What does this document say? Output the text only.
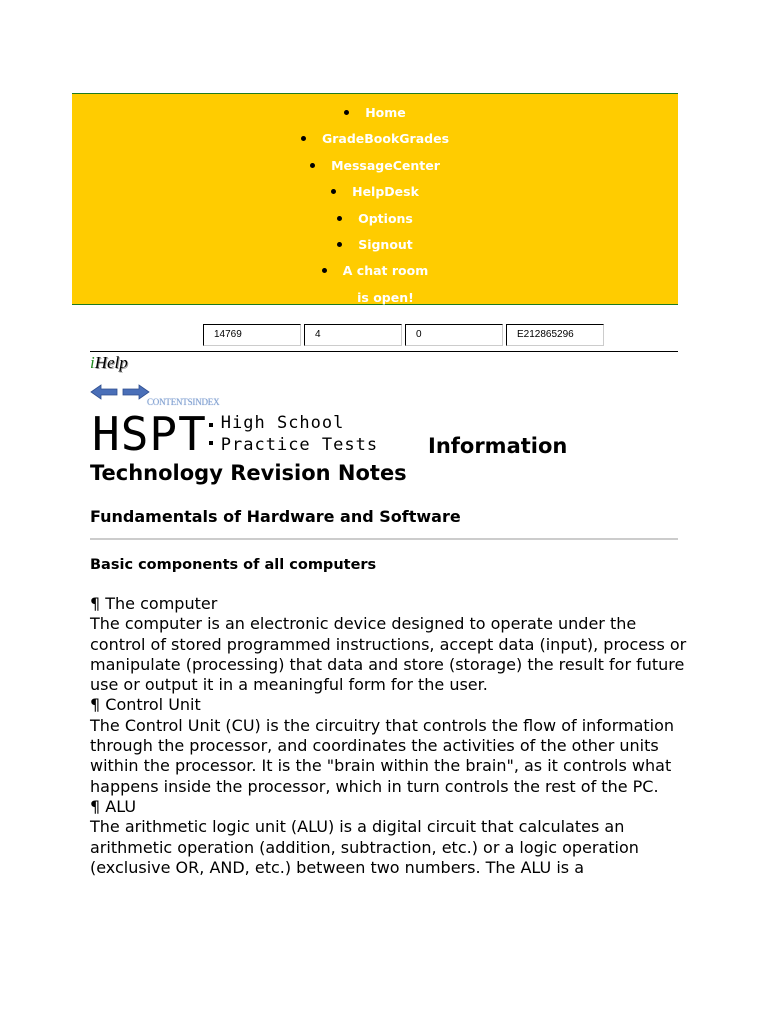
Home
GradeBookGrades
MessageCenter
HelpDesk
Options
Signout
A chat room
is open!
14769	4	0	E212865296
iHelp
CONTENTSINDEX
HSPT High School
Practice Tests Information
Technology Revision Notes
Fundamentals of Hardware and Software
Basic components of all computers

¶ The computer

The computer is an electronic device designed to operate under the control of stored programmed instructions, accept data (input), process or manipulate (processing) that data and store (storage) the result for future use or output it in a meaningful form for the user.

¶ Control Unit

The Control Unit (CU) is the circuitry that controls the flow of information through the processor, and coordinates the activities of the other units within the processor. It is the "brain within the brain", as it controls what happens inside the processor, which in turn controls the rest of the PC.

¶ ALU

The arithmetic logic unit (ALU) is a digital circuit that calculates an arithmetic operation (addition, subtraction, etc.) or a logic operation (exclusive OR, AND, etc.) between two numbers. The ALU is a
